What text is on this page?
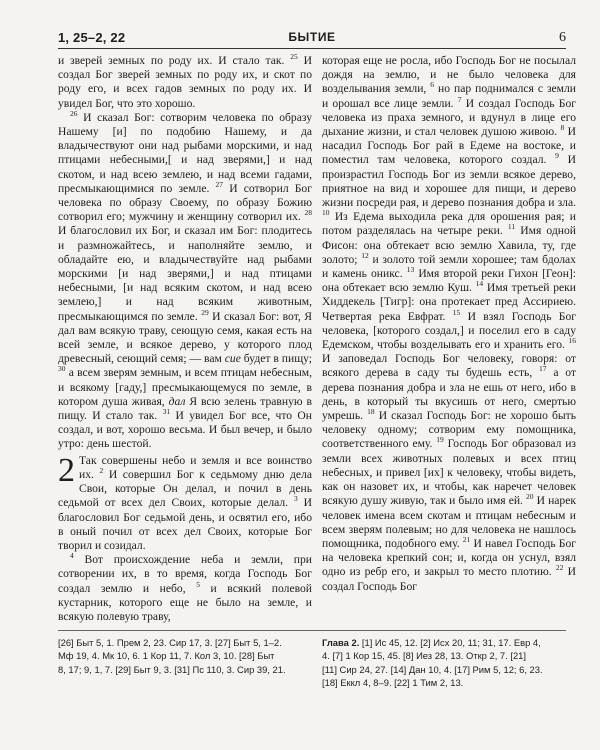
1, 25–2, 22	БЫТИЕ	6

и зверей земных по роду их. И стало так. $^{25}$ И создал Бог зверей земных по роду их, и скот по роду его, и всех гадов земных по роду их. И увидел Бог, что это хорошо.

$^{26}$ И сказал Бог: сотворим человека по образу Нашему [и] по подобию Нашему, и да владычествуют они над рыбами морскими, и над птицами небесными,[ и над зверями,] и над скотом, и над всею землею, и над всеми гадами, пресмыкающимися по земле. $^{27}$ И сотворил Бог человека по образу Своему, по образу Божию сотворил его; мужчину и женщину сотворил их. $^{28}$ И благословил их Бог, и сказал им Бог: плодитесь и размножайтесь, и наполняйте землю, и обладайте ею, и владычествуйте над рыбами морскими [и над зверями,] и над птицами небесными, [и над всяким скотом, и над всею землею,] и над всяким животным, пресмыкающимся по земле. $^{29}$ И сказал Бог: вот, Я дал вам всякую траву, сеющую семя, какая есть на всей земле, и всякое дерево, у которого плод древесный, сеющий семя; — вам сие будет в пищу; $^{30}$ а всем зверям земным, и всем птицам небесным, и всякому [гаду,] пресмыкающемуся по земле, в котором душа живая, дал Я всю зелень травную в пищу. И стало так. $^{31}$ И увидел Бог все, что Он создал, и вот, хорошо весьма. И был вечер, и было утро: день шестой.

2 Так совершены небо и земля и все воинство их. $^2$ И совершил Бог к седьмому дню дела Свои, которые Он делал, и почил в день седьмой от всех дел Своих, которые делал. $^3$ И благословил Бог седьмой день, и освятил его, ибо в оный почил от всех дел Своих, которые Бог творил и созидал.

$^4$ Вот происхождение неба и земли, при сотворении их, в то время, когда Господь Бог создал землю и небо, $^5$ и всякий полевой кустарник, которого еще не было на земле, и всякую полевую траву,

которая еще не росла, ибо Господь Бог не посылал дождя на землю, и не было человека для возделывания земли, $^6$ но пар поднимался с земли и орошал все лице земли. $^7$ И создал Господь Бог человека из праха земного, и вдунул в лице его дыхание жизни, и стал человек душою живою. $^8$ И насадил Господь Бог рай в Едеме на востоке, и поместил там человека, которого создал. $^9$ И произрастил Господь Бог из земли всякое дерево, приятное на вид и хорошее для пищи, и дерево жизни посреди рая, и дерево познания добра и зла. $^{10}$ Из Едема выходила река для орошения рая; и потом разделялась на четыре реки. $^{11}$ Имя одной Фисон: она обтекает всю землю Хавила, ту, где золото; $^{12}$ и золото той земли хорошее; там бдолах и камень оникс. $^{13}$ Имя второй реки Гихон [Геон]: она обтекает всю землю Куш. $^{14}$ Имя третьей реки Хиддекель [Тигр]: она протекает пред Ассириею. Четвертая река Евфрат. $^{15}$ И взял Господь Бог человека, [которого создал,] и поселил его в саду Едемском, чтобы возделывать его и хранить его. $^{16}$ И заповедал Господь Бог человеку, говоря: от всякого дерева в саду ты будешь есть, $^{17}$ а от дерева познания добра и зла не ешь от него, ибо в день, в который ты вкусишь от него, смертью умрешь. $^{18}$ И сказал Господь Бог: не хорошо быть человеку одному; сотворим ему помощника, соответственного ему. $^{19}$ Господь Бог образовал из земли всех животных полевых и всех птиц небесных, и привел [их] к человеку, чтобы видеть, как он назовет их, и чтобы, как наречет человек всякую душу живую, так и было имя ей. $^{20}$ И нарек человек имена всем скотам и птицам небесным и всем зверям полевым; но для человека не нашлось помощника, подобного ему. $^{21}$ И навел Господь Бог на человека крепкий сон; и, когда он уснул, взял одно из ребр его, и закрыл то место плотию. $^{22}$ И создал Господь Бог

[26] Быт 5, 1. Прем 2, 23. Сир 17, 3. [27] Быт 5, 1–2.
Мф 19, 4. Мк 10, 6. 1 Кор 11, 7. Кол 3, 10. [28] Быт
8, 17; 9, 1, 7. [29] Быт 9, 3. [31] Пс 110, 3. Сир 39, 21.
Глава 2. [1] Ис 45, 12. [2] Исх 20, 11; 31, 17. Евр 4,
4. [7] 1 Кор 15, 45. [8] Иез 28, 13. Откр 2, 7. [21]
[11] Сир 24, 27. [14] Дан 10, 4. [17] Рим 5, 12; 6, 23.
[18] Еккл 4, 8–9. [22] 1 Тим 2, 13.
